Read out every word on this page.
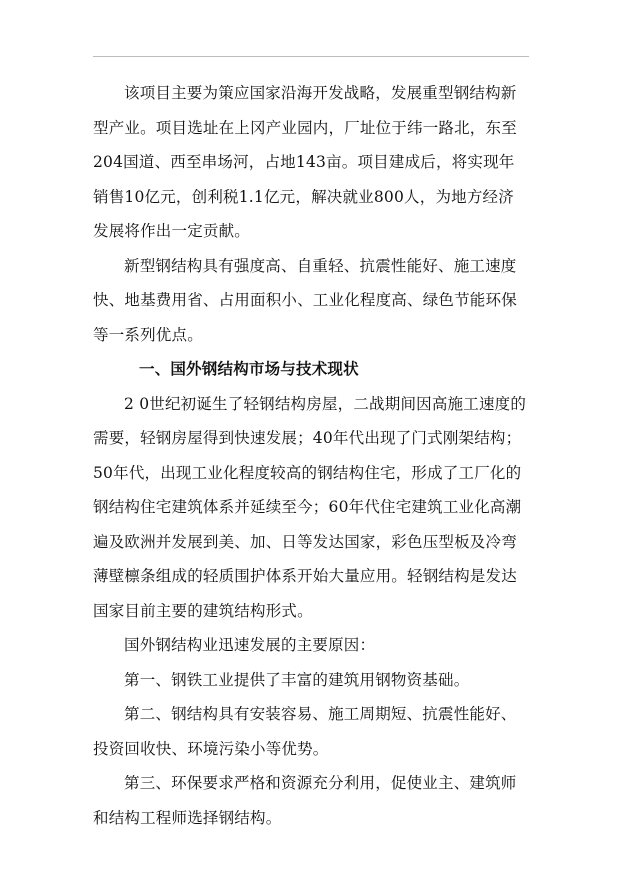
该项目主要为策应国家沿海开发战略，发展重型钢结构新型产业。项目选址在上冈产业园内，厂址位于纬一路北，东至204国道、西至串场河，占地143亩。项目建成后，将实现年销售10亿元，创利税1.1亿元，解决就业800人，为地方经济发展将作出一定贡献。

新型钢结构具有强度高、自重轻、抗震性能好、施工速度快、地基费用省、占用面积小、工业化程度高、绿色节能环保等一系列优点。

一、国外钢结构市场与技术现状

2 0世纪初诞生了轻钢结构房屋，二战期间因高施工速度的需要，轻钢房屋得到快速发展；40年代出现了门式刚架结构；50年代，出现工业化程度较高的钢结构住宅，形成了工厂化的钢结构住宅建筑体系并延续至今；60年代住宅建筑工业化高潮遍及欧洲并发展到美、加、日等发达国家，彩色压型板及冷弯薄壁檩条组成的轻质围护体系开始大量应用。轻钢结构是发达国家目前主要的建筑结构形式。

国外钢结构业迅速发展的主要原因：

第一、钢铁工业提供了丰富的建筑用钢物资基础。

第二、钢结构具有安装容易、施工周期短、抗震性能好、投资回收快、环境污染小等优势。

第三、环保要求严格和资源充分利用，促使业主、建筑师和结构工程师选择钢结构。
